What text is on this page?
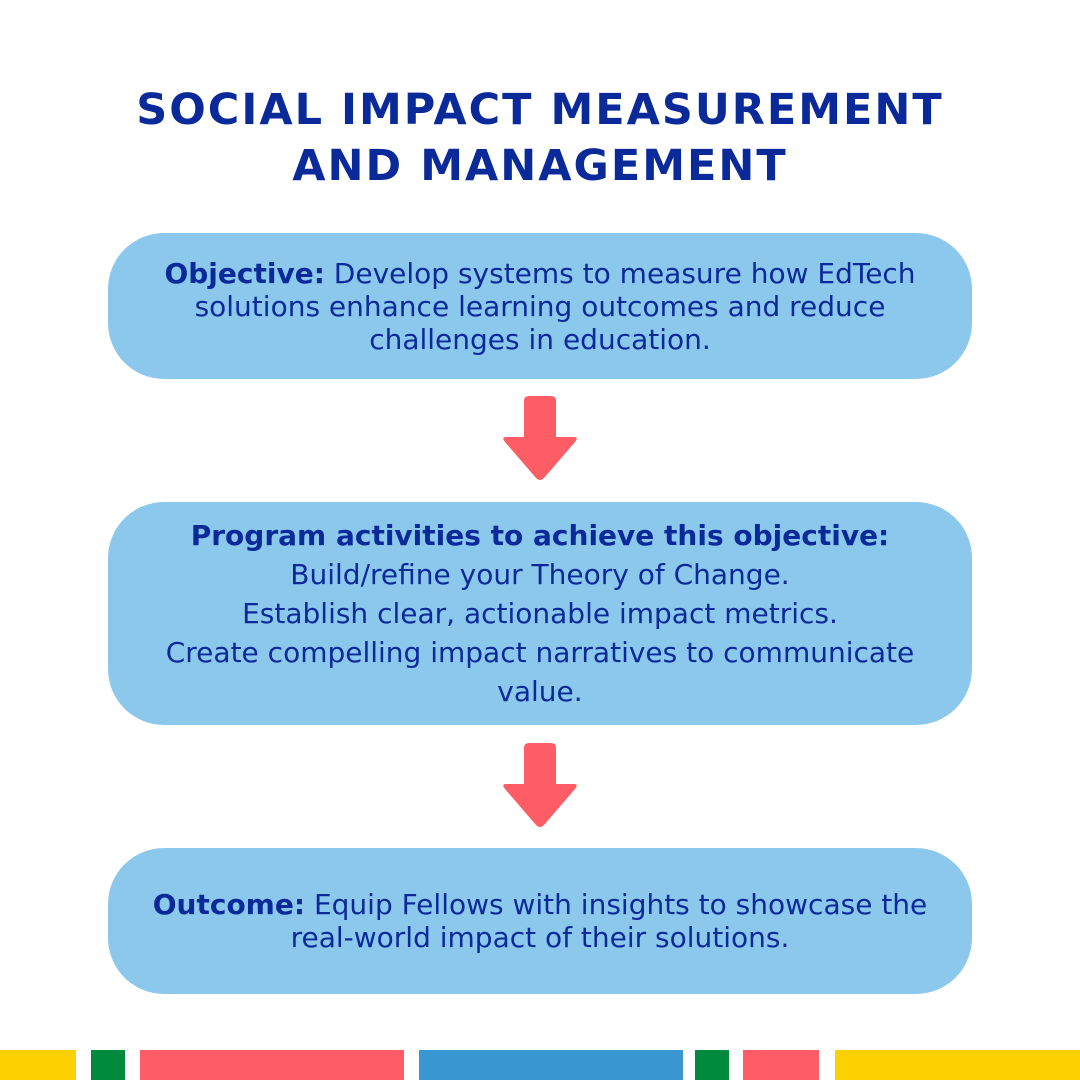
SOCIAL IMPACT MEASUREMENT
AND MANAGEMENT
Objective: Develop systems to measure how EdTech
solutions enhance learning outcomes and reduce
challenges in education.
Program activities to achieve this objective:
Build/refine your Theory of Change.
Establish clear, actionable impact metrics.
Create compelling impact narratives to communicate
value.
Outcome: Equip Fellows with insights to showcase the
real-world impact of their solutions.
